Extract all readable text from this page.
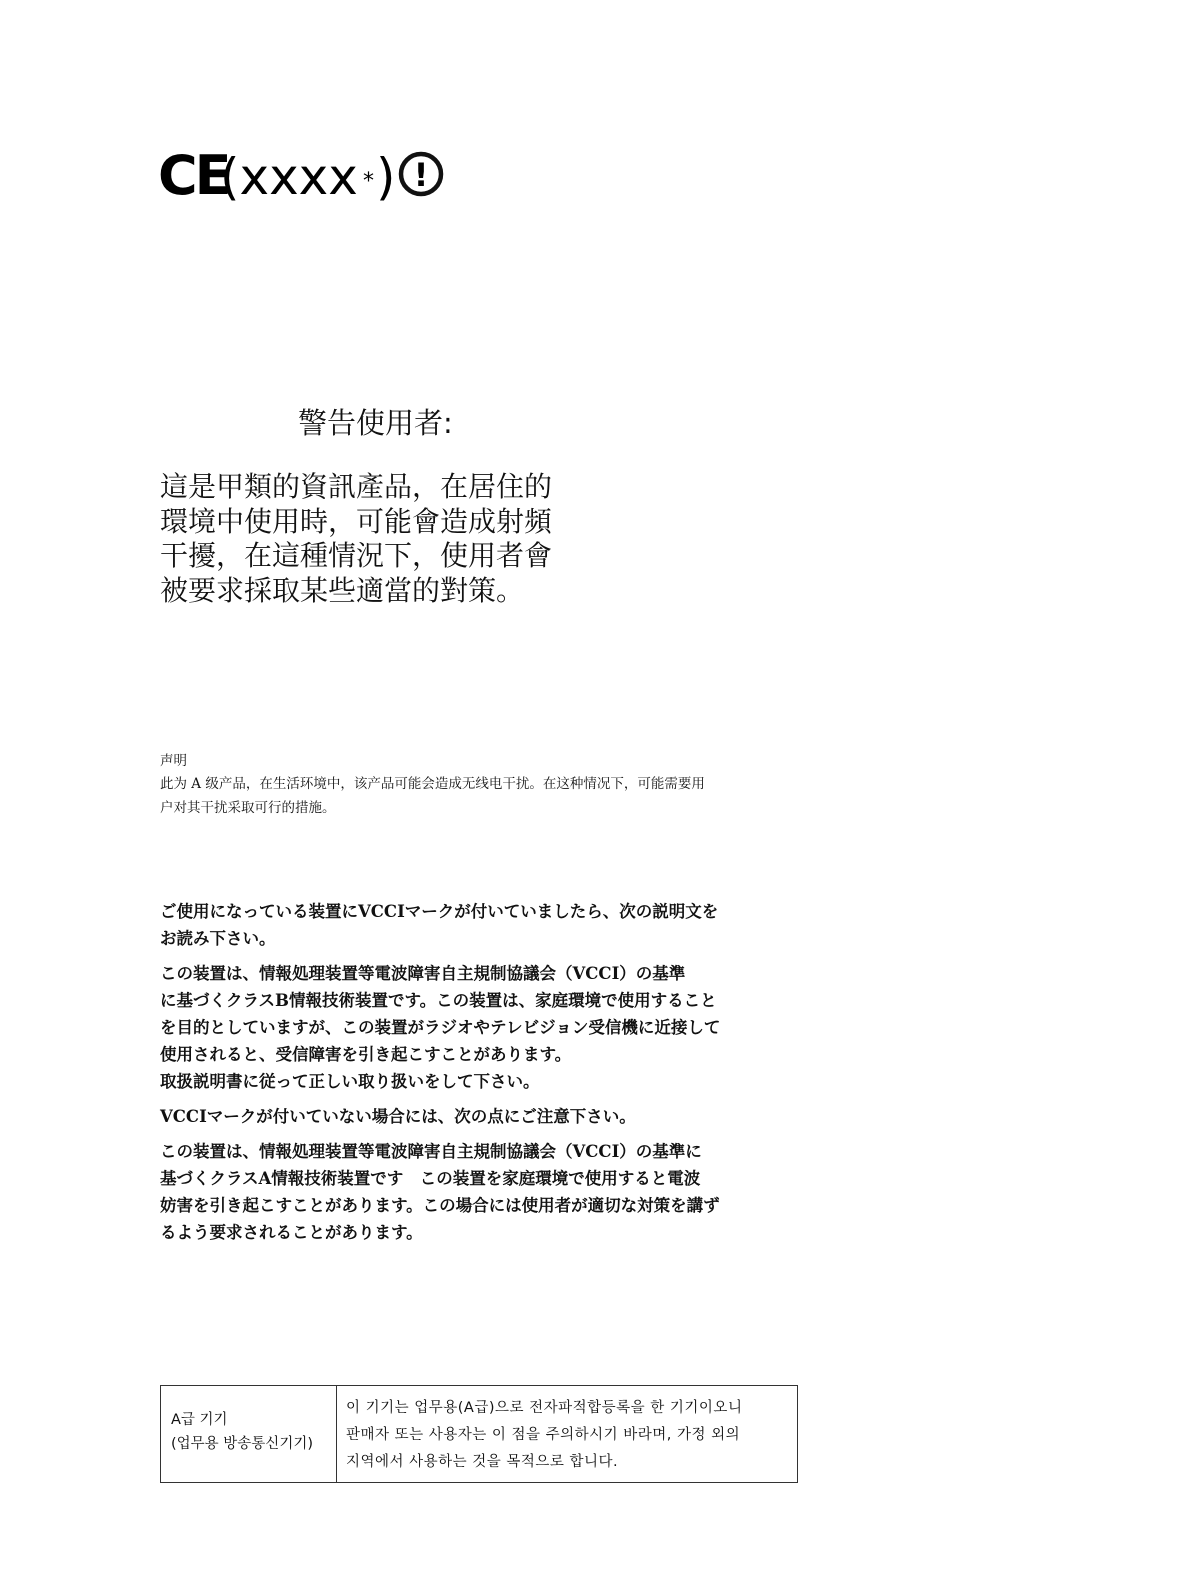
CE
(xxxx * ) !
警告使用者:
這是甲類的資訊產品，在居住的
環境中使用時，可能會造成射頻
干擾，在這種情況下，使用者會
被要求採取某些適當的對策。
声明
此为 A 级产品，在生活环境中，该产品可能会造成无线电干扰。在这种情况下，可能需要用
户对其干扰采取可行的措施。
ご使用になっている装置にVCCIマークが付いていましたら、次の説明文を
お読み下さい。
この装置は、情報処理装置等電波障害自主規制協議会（VCCI）の基準
に基づくクラスB情報技術装置です。この装置は、家庭環境で使用すること
を目的としていますが、この装置がラジオやテレビジョン受信機に近接して
使用されると、受信障害を引き起こすことがあります。
取扱説明書に従って正しい取り扱いをして下さい。
VCCIマークが付いていない場合には、次の点にご注意下さい。
この装置は、情報処理装置等電波障害自主規制協議会（VCCI）の基準に
基づくクラスA情報技術装置です　この装置を家庭環境で使用すると電波
妨害を引き起こすことがあります。この場合には使用者が適切な対策を講ず
るよう要求されることがあります。
A급 기기
(업무용 방송통신기기)
이 기기는 업무용(A급)으로 전자파적합등록을 한 기기이오니
판매자 또는 사용자는 이 점을 주의하시기 바라며, 가정 외의
지역에서 사용하는 것을 목적으로 합니다.
